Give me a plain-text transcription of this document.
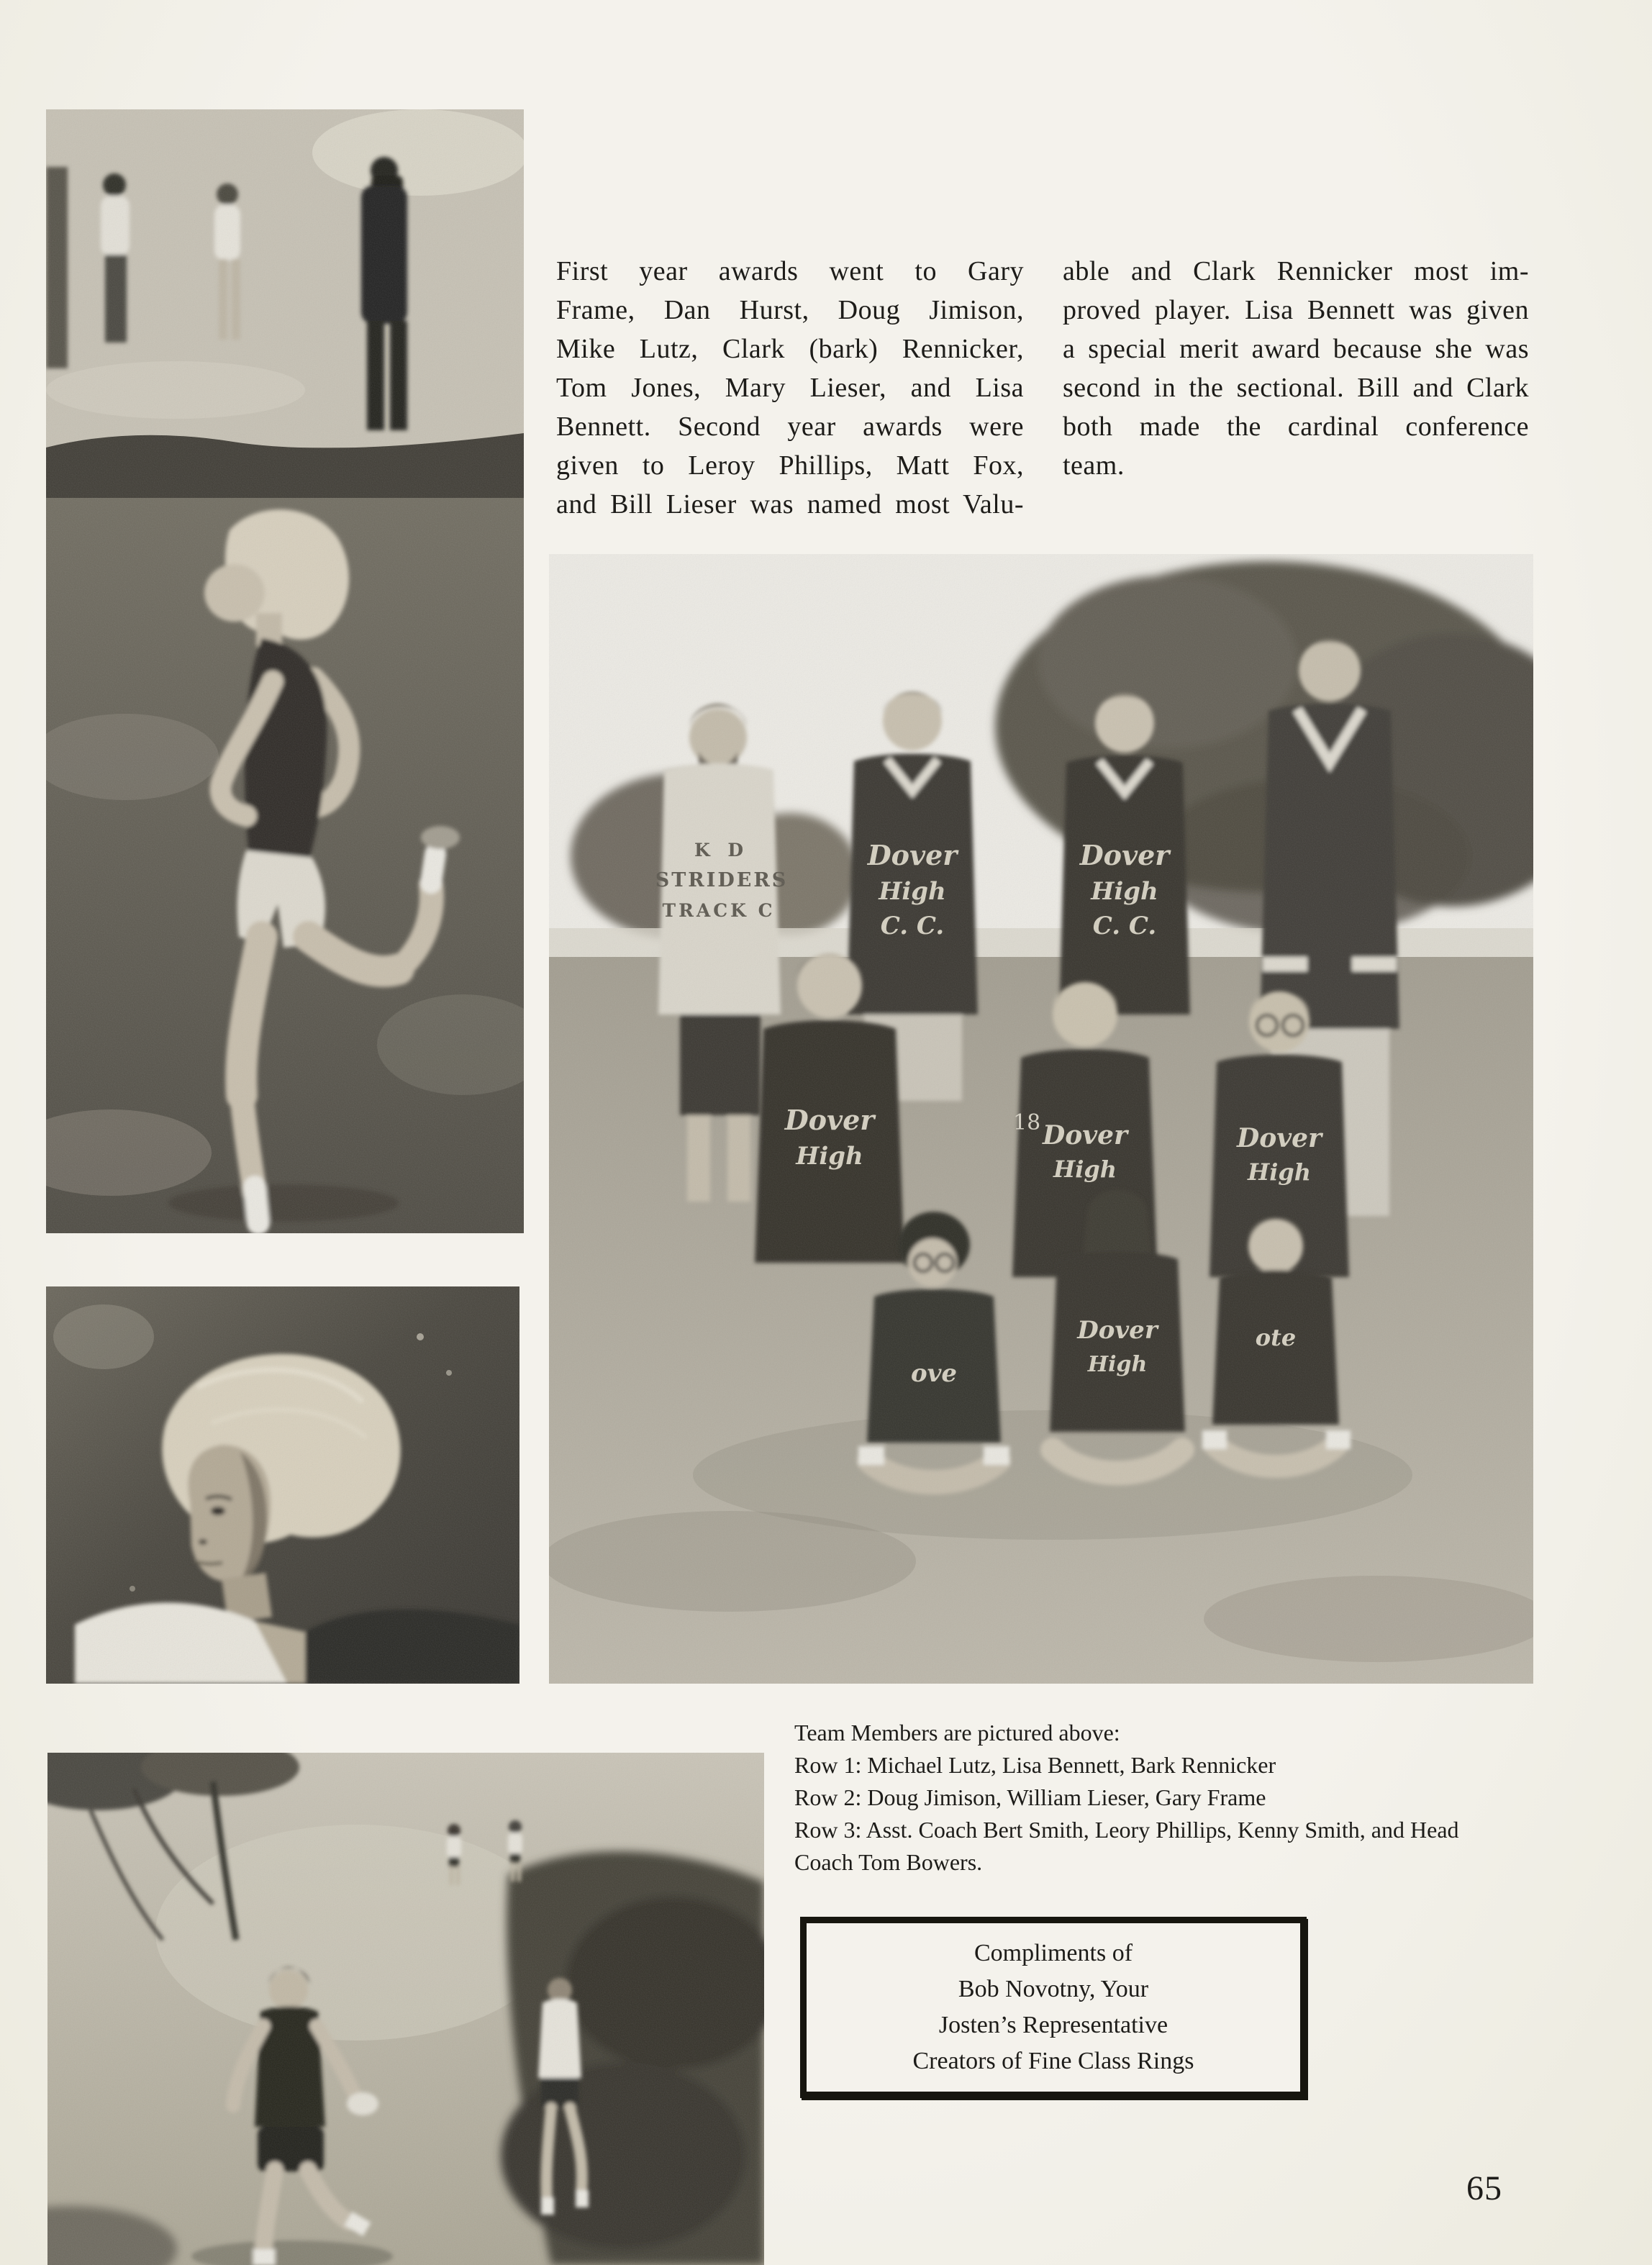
K D
STRIDERS
TRACK C
Dover
High
C. C.
Dover
High
C. C.
Dover
High
Dover
High
Dover
High
ove
Dover
High
ote
18
First year awards went to Gary
Frame, Dan Hurst, Doug Jimison,
Mike Lutz, Clark (bark) Rennicker,
Tom Jones, Mary Lieser, and Lisa
Bennett. Second year awards were
given to Leroy Phillips, Matt Fox,
and Bill Lieser was named most Valu-
able and Clark Rennicker most im-
proved player. Lisa Bennett was given
a special merit award because she was
second in the sectional. Bill and Clark
both made the cardinal conference
team.
Team Members are pictured above:
Row 1: Michael Lutz, Lisa Bennett, Bark Rennicker
Row 2: Doug Jimison, William Lieser, Gary Frame
Row 3: Asst. Coach Bert Smith, Leory Phillips, Kenny Smith, and Head
Coach Tom Bowers.
Compliments of
Bob Novotny, Your
Josten’s Representative
Creators of Fine Class Rings
65
